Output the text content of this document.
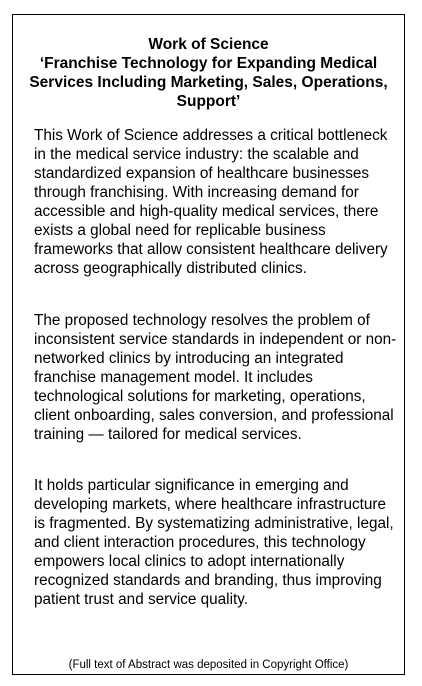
Work of Science
‘Franchise Technology for Expanding Medical
Services Including Marketing, Sales, Operations,
Support’

This Work of Science addresses a critical bottleneck in the medical service industry: the scalable and standardized expansion of healthcare businesses through franchising. With increasing demand for accessible and high-quality medical services, there exists a global need for replicable business frameworks that allow consistent healthcare delivery across geographically distributed clinics.

The proposed technology resolves the problem of inconsistent service standards in independent or non-networked clinics by introducing an integrated franchise management model. It includes technological solutions for marketing, operations, client onboarding, sales conversion, and professional training — tailored for medical services.

It holds particular significance in emerging and developing markets, where healthcare infrastructure is fragmented. By systematizing administrative, legal, and client interaction procedures, this technology empowers local clinics to adopt internationally recognized standards and branding, thus improving patient trust and service quality.

(Full text of Abstract was deposited in Copyright Office)
